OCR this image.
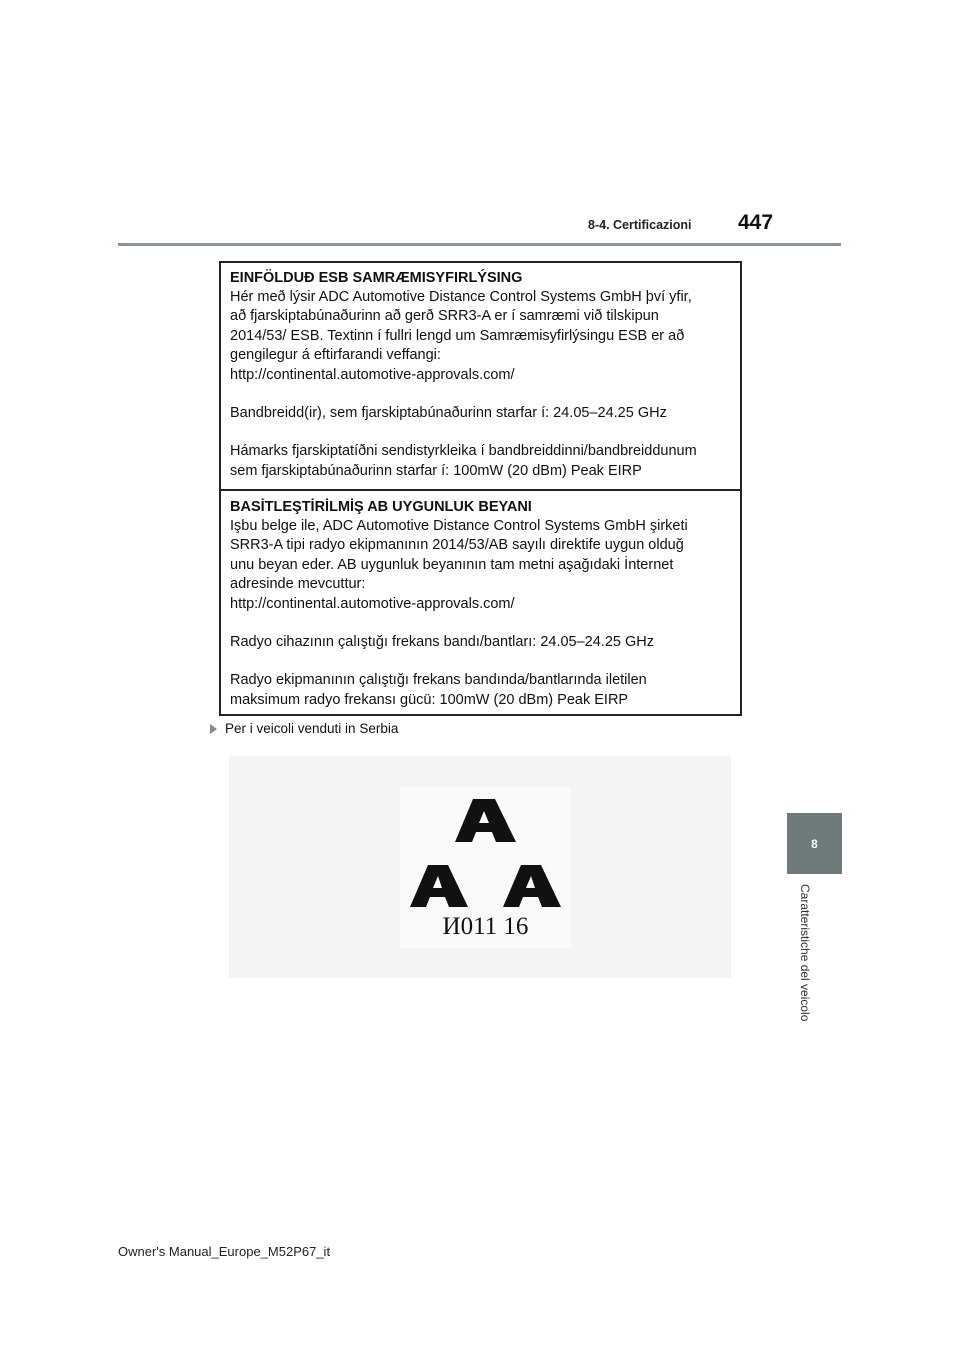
8-4. Certificazioni 447
8
Caratteristiche del veicolo
EINFÖLDUÐ ESB SAMRÆMISYFIRLÝSING
Hér með lýsir ADC Automotive Distance Control Systems GmbH því yfir,
að fjarskiptabúnaðurinn að gerð SRR3-A er í samræmi við tilskipun
2014/53/ ESB. Textinn í fullri lengd um Samræmisyfirlýsingu ESB er að
gengilegur á eftirfarandi veffangi:
http://continental.automotive-approvals.com/
Bandbreidd(ir), sem fjarskiptabúnaðurinn starfar í: 24.05–24.25 GHz
Hámarks fjarskiptatíðni sendistyrkleika í bandbreiddinni/bandbreiddunum
sem fjarskiptabúnaðurinn starfar í: 100mW (20 dBm) Peak EIRP
BASİTLEŞTİRİLMİŞ AB UYGUNLUK BEYANI
Işbu belge ile, ADC Automotive Distance Control Systems GmbH şirketi
SRR3-A tipi radyo ekipmanının 2014/53/AB sayılı direktife uygun olduğ
unu beyan eder. AB uygunluk beyanının tam metni aşağıdaki İnternet
adresinde mevcuttur:
http://continental.automotive-approvals.com/
Radyo cihazının çalıştığı frekans bandı/bantları: 24.05–24.25 GHz
Radyo ekipmanının çalıştığı frekans bandında/bantlarında iletilen
maksimum radyo frekansı gücü: 100mW (20 dBm) Peak EIRP
Per i veicoli venduti in Serbia
И011 16
Owner's Manual_Europe_M52P67_it
